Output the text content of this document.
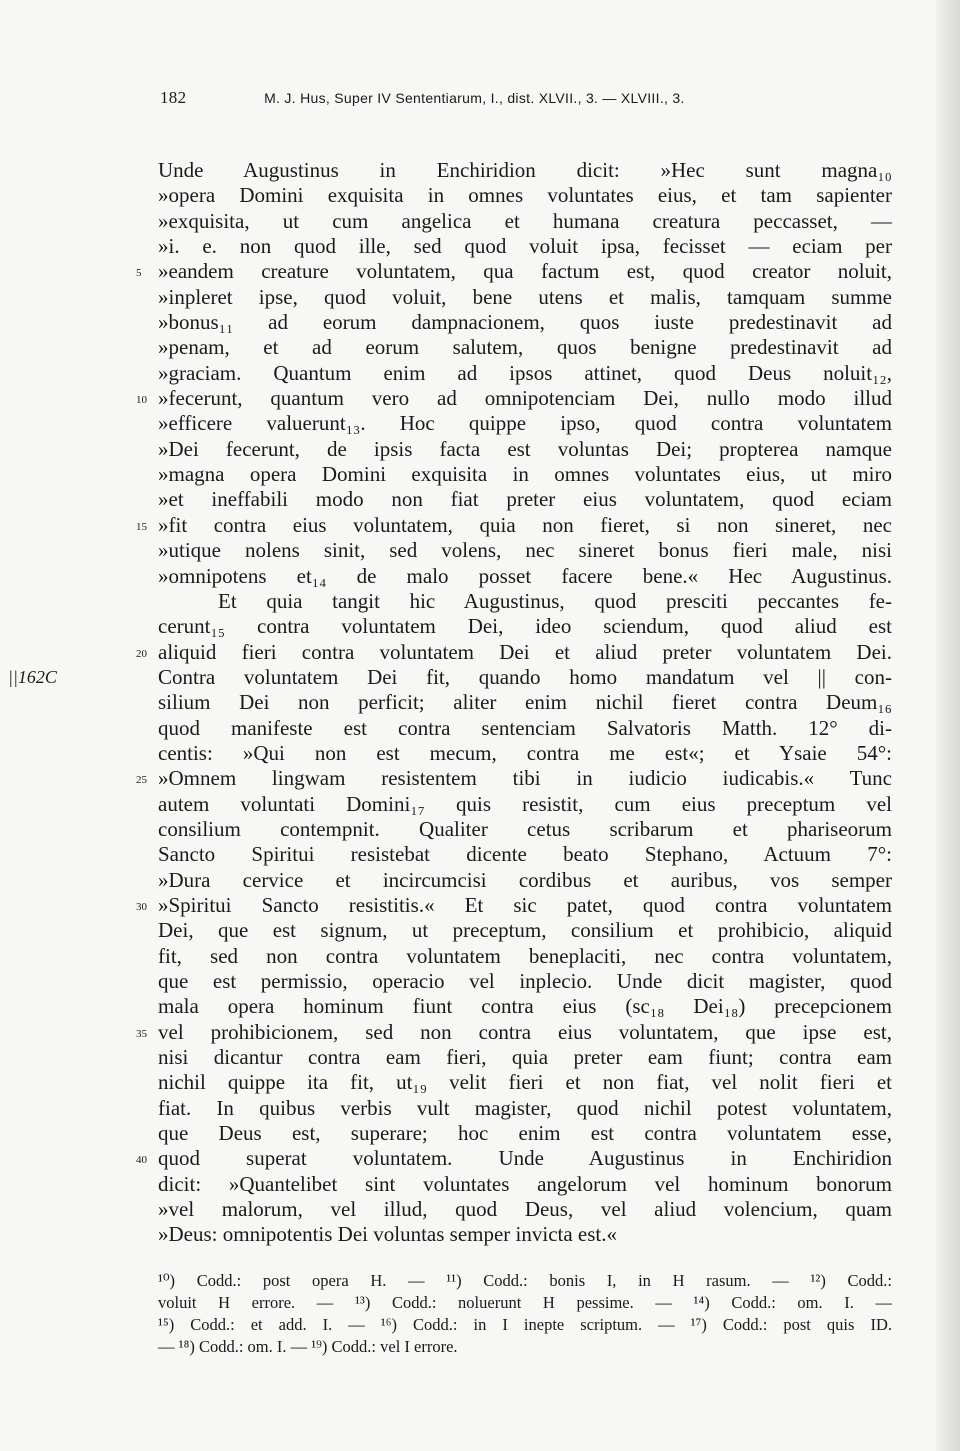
182	M. J. Hus, Super IV Sententiarum, I., dist. XLVII., 3. — XLVIII., 3.
Unde Augustinus in Enchiridion dicit: »Hec sunt magna₁₀
»opera Domini exquisita in omnes voluntates eius, et tam sapienter
»exquisita, ut cum angelica et humana creatura peccasset, —
»i. e. non quod ille, sed quod voluit ipsa, fecisset — eciam per
»eandem creature voluntatem, qua factum est, quod creator noluit,
5
»inpleret ipse, quod voluit, bene utens et malis, tamquam summe
»bonus₁₁ ad eorum dampnacionem, quos iuste predestinavit ad
»penam, et ad eorum salutem, quos benigne predestinavit ad
»graciam. Quantum enim ad ipsos attinet, quod Deus noluit₁₂,
»fecerunt, quantum vero ad omnipotenciam Dei, nullo modo illud
10
»efficere valuerunt₁₃. Hoc quippe ipso, quod contra voluntatem
»Dei fecerunt, de ipsis facta est voluntas Dei; propterea namque
»magna opera Domini exquisita in omnes voluntates eius, ut miro
»et ineffabili modo non fiat preter eius voluntatem, quod eciam
»fit contra eius voluntatem, quia non fieret, si non sineret, nec
15
»utique nolens sinit, sed volens, nec sineret bonus fieri male, nisi
»omnipotens et₁₄ de malo posset facere bene.« Hec Augustinus.
Et quia tangit hic Augustinus, quod presciti peccantes fe-
cerunt₁₅ contra voluntatem Dei, ideo sciendum, quod aliud est
aliquid fieri contra voluntatem Dei et aliud preter voluntatem Dei.
20
Contra voluntatem Dei fit, quando homo mandatum vel || con-
||162C
silium Dei non perficit; aliter enim nichil fieret contra Deum₁₆
quod manifeste est contra sentenciam Salvatoris Matth. 12° di-
centis: »Qui non est mecum, contra me est«; et Ysaie 54°:
»Omnem lingwam resistentem tibi in iudicio iudicabis.« Tunc
25
autem voluntati Domini₁₇ quis resistit, cum eius preceptum vel
consilium contempnit. Qualiter cetus scribarum et phariseorum
Sancto Spiritui resistebat dicente beato Stephano, Actuum 7°:
»Dura cervice et incircumcisi cordibus et auribus, vos semper
»Spiritui Sancto resistitis.« Et sic patet, quod contra voluntatem
30
Dei, que est signum, ut preceptum, consilium et prohibicio, aliquid
fit, sed non contra voluntatem beneplaciti, nec contra voluntatem,
que est permissio, operacio vel inplecio. Unde dicit magister, quod
mala opera hominum fiunt contra eius (sc₁₈ Dei₁₈) precepcionem
vel prohibicionem, sed non contra eius voluntatem, que ipse est,
35
nisi dicantur contra eam fieri, quia preter eam fiunt; contra eam
nichil quippe ita fit, ut₁₉ velit fieri et non fiat, vel nolit fieri et
fiat. In quibus verbis vult magister, quod nichil potest voluntatem,
que Deus est, superare; hoc enim est contra voluntatem esse,
quod superat voluntatem. Unde Augustinus in Enchiridion
40
dicit: »Quantelibet sint voluntates angelorum vel hominum bonorum
»vel malorum, vel illud, quod Deus, vel aliud volencium, quam
»Deus: omnipotentis Dei voluntas semper invicta est.«
¹⁰) Codd.: post opera H. — ¹¹) Codd.: bonis I, in H rasum. — ¹²) Codd.:
voluit H errore. — ¹³) Codd.: noluerunt H pessime. — ¹⁴) Codd.: om. I. —
¹⁵) Codd.: et add. I. — ¹⁶) Codd.: in I inepte scriptum. — ¹⁷) Codd.: post quis ID.
— ¹⁸) Codd.: om. I. — ¹⁹) Codd.: vel I errore.
